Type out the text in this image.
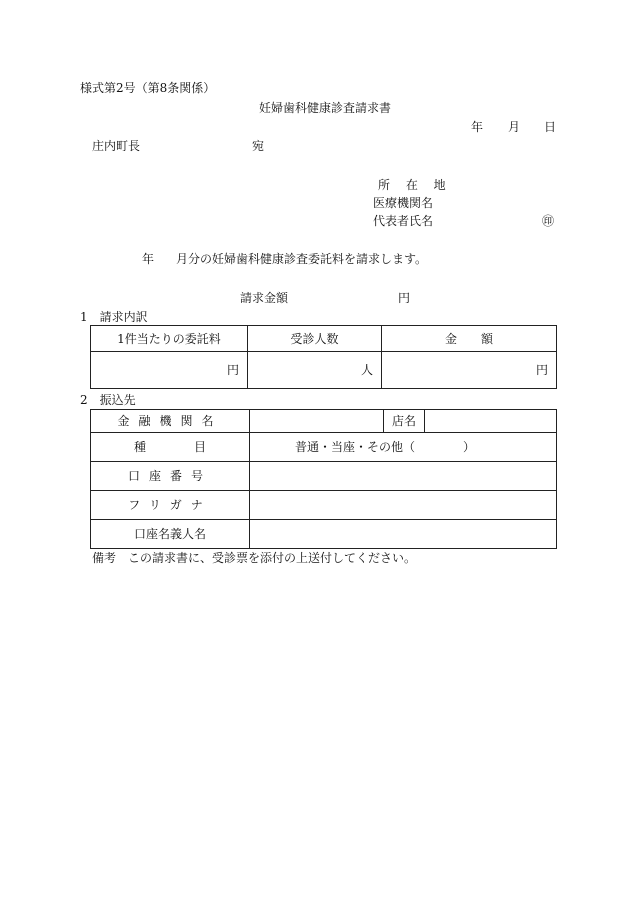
様式第2号（第8条関係）
妊婦歯科健康診査請求書
年 月 日
庄内町長	宛
所 在 地
医療機関名
代表者氏名	㊞
年 月分の妊婦歯科健康診査委託料を請求します。
請求金額	円
1　請求内訳
1件当たりの委託料	受診人数	金　　額
円	人	円
2　振込先
金融機関名		店名	
種　　　　目	普通・当座・その他（　　　　）		
口座番号			
フリガナ			
口座名義人名			
備考　この請求書に、受診票を添付の上送付してください。
